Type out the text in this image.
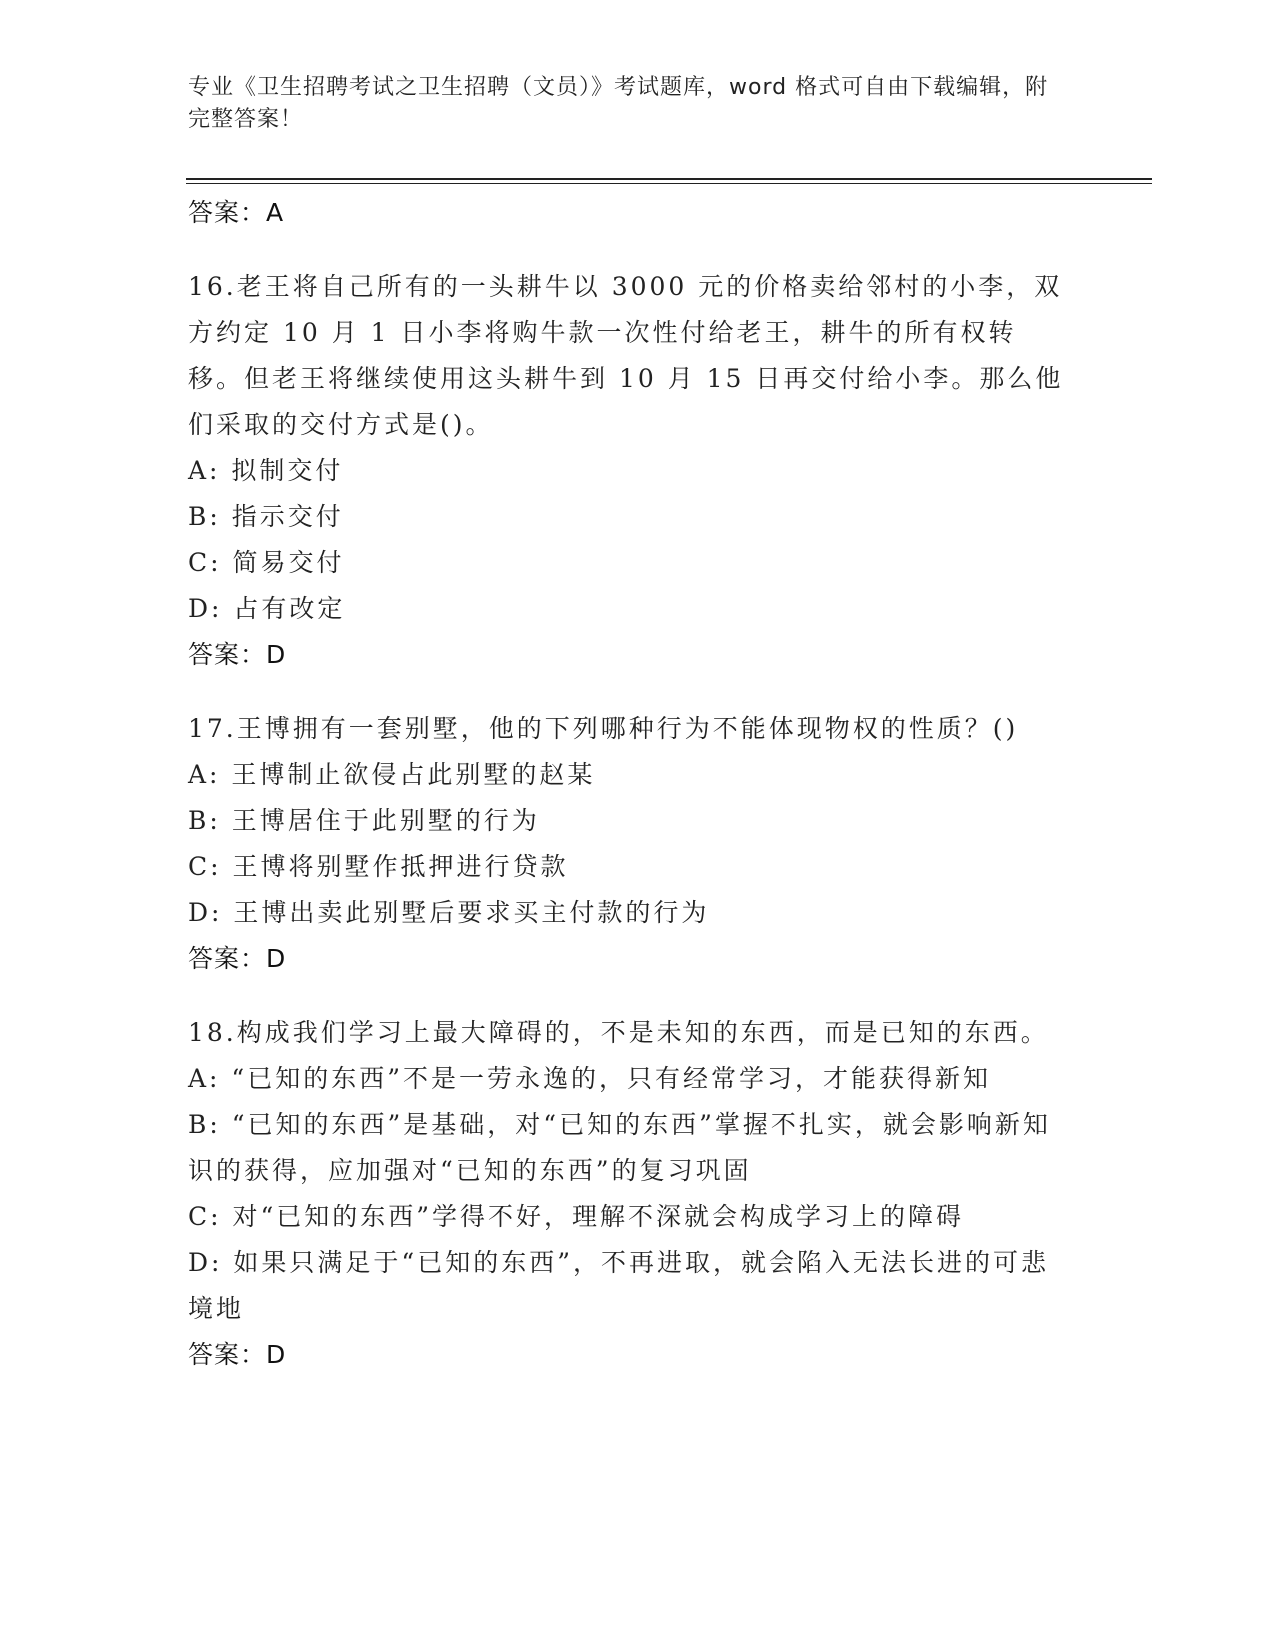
专业《卫生招聘考试之卫生招聘（文员）》考试题库，word 格式可自由下载编辑，附完整答案！
答案：A
16.老王将自己所有的一头耕牛以 3000 元的价格卖给邻村的小李，双方约定 10 月 1 日小李将购牛款一次性付给老王，耕牛的所有权转移。但老王将继续使用这头耕牛到 10 月 15 日再交付给小李。那么他们采取的交付方式是()。
A: 拟制交付
B: 指示交付
C: 简易交付
D: 占有改定
答案：D
17.王博拥有一套别墅，他的下列哪种行为不能体现物权的性质？()
A: 王博制止欲侵占此别墅的赵某
B: 王博居住于此别墅的行为
C: 王博将别墅作抵押进行贷款
D: 王博出卖此别墅后要求买主付款的行为
答案：D
18.构成我们学习上最大障碍的，不是未知的东西，而是已知的东西。
A: “已知的东西”不是一劳永逸的，只有经常学习，才能获得新知
B: “已知的东西”是基础，对“已知的东西”掌握不扎实，就会影响新知识的获得，应加强对“已知的东西”的复习巩固
C: 对“已知的东西”学得不好，理解不深就会构成学习上的障碍
D: 如果只满足于“已知的东西”，不再进取，就会陷入无法长进的可悲境地
答案：D
